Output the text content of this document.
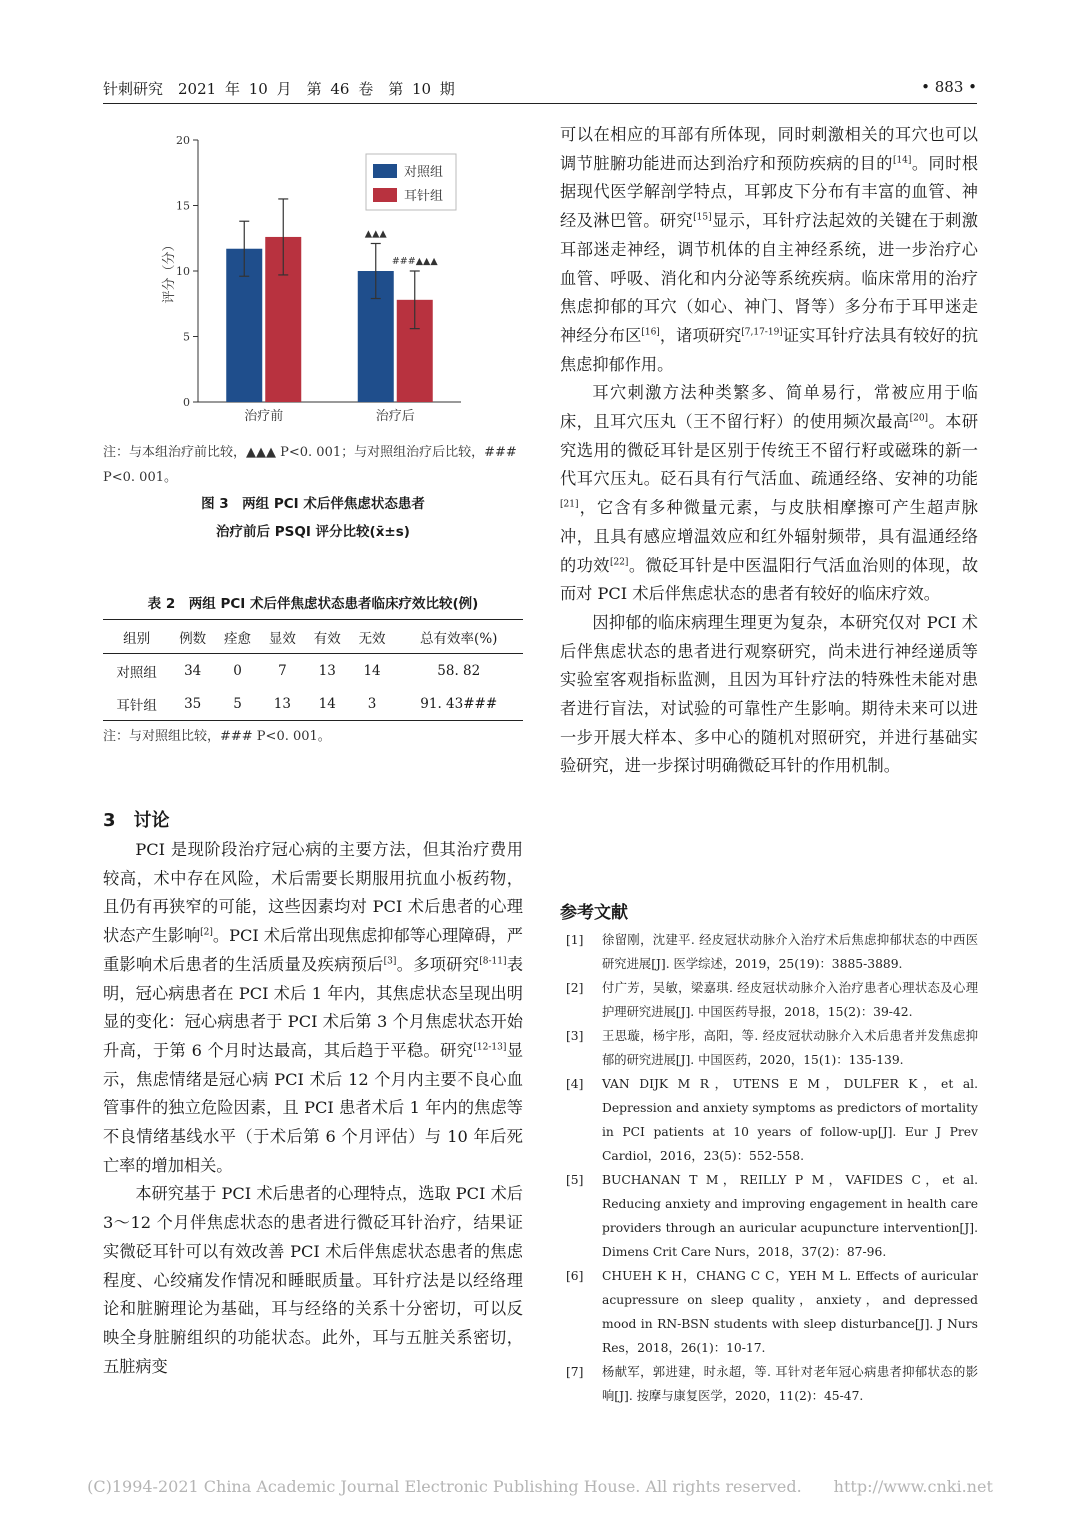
针刺研究　2021 年 10 月　第 46 卷　第 10 期	• 883 •
0
5
10
15
20
评分（分）
治疗前	治疗后
▲▲▲
###▲▲▲
对照组
耳针组
注：与本组治疗前比较，▲▲▲ P<0. 001；与对照组治疗后比较，### P<0. 001。
图 3　两组 PCI 术后伴焦虑状态患者
治疗前后 PSQI 评分比较(x̄±s)
表 2　两组 PCI 术后伴焦虑状态患者临床疗效比较(例)
组别	例数	痊愈	显效	有效	无效	总有效率(%)
对照组	34	0	7	13	14	58. 82
耳针组	35	5	13	14	3	91. 43###
注：与对照组比较，### P<0. 001。
3 讨论

PCI 是现阶段治疗冠心病的主要方法，但其治疗费用较高，术中存在风险，术后需要长期服用抗血小板药物，且仍有再狭窄的可能，这些因素均对 PCI 术后患者的心理状态产生影响[2]。PCI 术后常出现焦虑抑郁等心理障碍，严重影响术后患者的生活质量及疾病预后[3]。多项研究[8-11]表明，冠心病患者在 PCI 术后 1 年内，其焦虑状态呈现出明显的变化：冠心病患者于 PCI 术后第 3 个月焦虑状态开始升高，于第 6 个月时达最高，其后趋于平稳。研究[12-13]显示，焦虑情绪是冠心病 PCI 术后 12 个月内主要不良心血管事件的独立危险因素，且 PCI 患者术后 1 年内的焦虑等不良情绪基线水平（于术后第 6 个月评估）与 10 年后死亡率的增加相关。

本研究基于 PCI 术后患者的心理特点，选取 PCI 术后 3～12 个月伴焦虑状态的患者进行微砭耳针治疗，结果证实微砭耳针可以有效改善 PCI 术后伴焦虑状态患者的焦虑程度、心绞痛发作情况和睡眠质量。耳针疗法是以经络理论和脏腑理论为基础，耳与经络的关系十分密切，可以反映全身脏腑组织的功能状态。此外，耳与五脏关系密切，五脏病变

可以在相应的耳部有所体现，同时刺激相关的耳穴也可以调节脏腑功能进而达到治疗和预防疾病的目的[14]。同时根据现代医学解剖学特点，耳郭皮下分布有丰富的血管、神经及淋巴管。研究[15]显示，耳针疗法起效的关键在于刺激耳部迷走神经，调节机体的自主神经系统，进一步治疗心血管、呼吸、消化和内分泌等系统疾病。临床常用的治疗焦虑抑郁的耳穴（如心、神门、肾等）多分布于耳甲迷走神经分布区[16]，诸项研究[7,17-19]证实耳针疗法具有较好的抗焦虑抑郁作用。

耳穴刺激方法种类繁多、简单易行，常被应用于临床，且耳穴压丸（王不留行籽）的使用频次最高[20]。本研究选用的微砭耳针是区别于传统王不留行籽或磁珠的新一代耳穴压丸。砭石具有行气活血、疏通经络、安神的功能[21]，它含有多种微量元素，与皮肤相摩擦可产生超声脉冲，且具有感应增温效应和红外辐射频带，具有温通经络的功效[22]。微砭耳针是中医温阳行气活血治则的体现，故而对 PCI 术后伴焦虑状态的患者有较好的临床疗效。

因抑郁的临床病理生理更为复杂，本研究仅对 PCI 术后伴焦虑状态的患者进行观察研究，尚未进行神经递质等实验室客观指标监测，且因为耳针疗法的特殊性未能对患者进行盲法，对试验的可靠性产生影响。期待未来可以进一步开展大样本、多中心的随机对照研究，并进行基础实验研究，进一步探讨明确微砭耳针的作用机制。

参考文献

[1] 徐留刚，沈建平. 经皮冠状动脉介入治疗术后焦虑抑郁状态的中西医研究进展[J]. 医学综述，2019，25(19)：3885-3889.

[2] 付广芳，吴敏，梁嘉琪. 经皮冠状动脉介入治疗患者心理状态及心理护理研究进展[J]. 中国医药导报，2018，15(2)：39-42.

[3] 王思璇，杨宇彤，高阳，等. 经皮冠状动脉介入术后患者并发焦虑抑郁的研究进展[J]. 中国医药，2020，15(1)：135-139.

[4] VAN DIJK M R，UTENS E M，DULFER K，et al. Depression and anxiety symptoms as predictors of mortality in PCI patients at 10 years of follow-up[J]. Eur J Prev Cardiol，2016，23(5)：552-558.

[5] BUCHANAN T M，REILLY P M，VAFIDES C，et al. Reducing anxiety and improving engagement in health care providers through an auricular acupuncture intervention[J]. Dimens Crit Care Nurs，2018，37(2)：87-96.

[6] CHUEH K H，CHANG C C，YEH M L. Effects of auricular acupressure on sleep quality，anxiety，and depressed mood in RN-BSN students with sleep disturbance[J]. J Nurs Res，2018，26(1)：10-17.

[7] 杨献军，郭进建，时永超，等. 耳针对老年冠心病患者抑郁状态的影响[J]. 按摩与康复医学，2020，11(2)：45-47.

(C)1994-2021 China Academic Journal Electronic Publishing House. All rights reserved.　　http://www.cnki.net
